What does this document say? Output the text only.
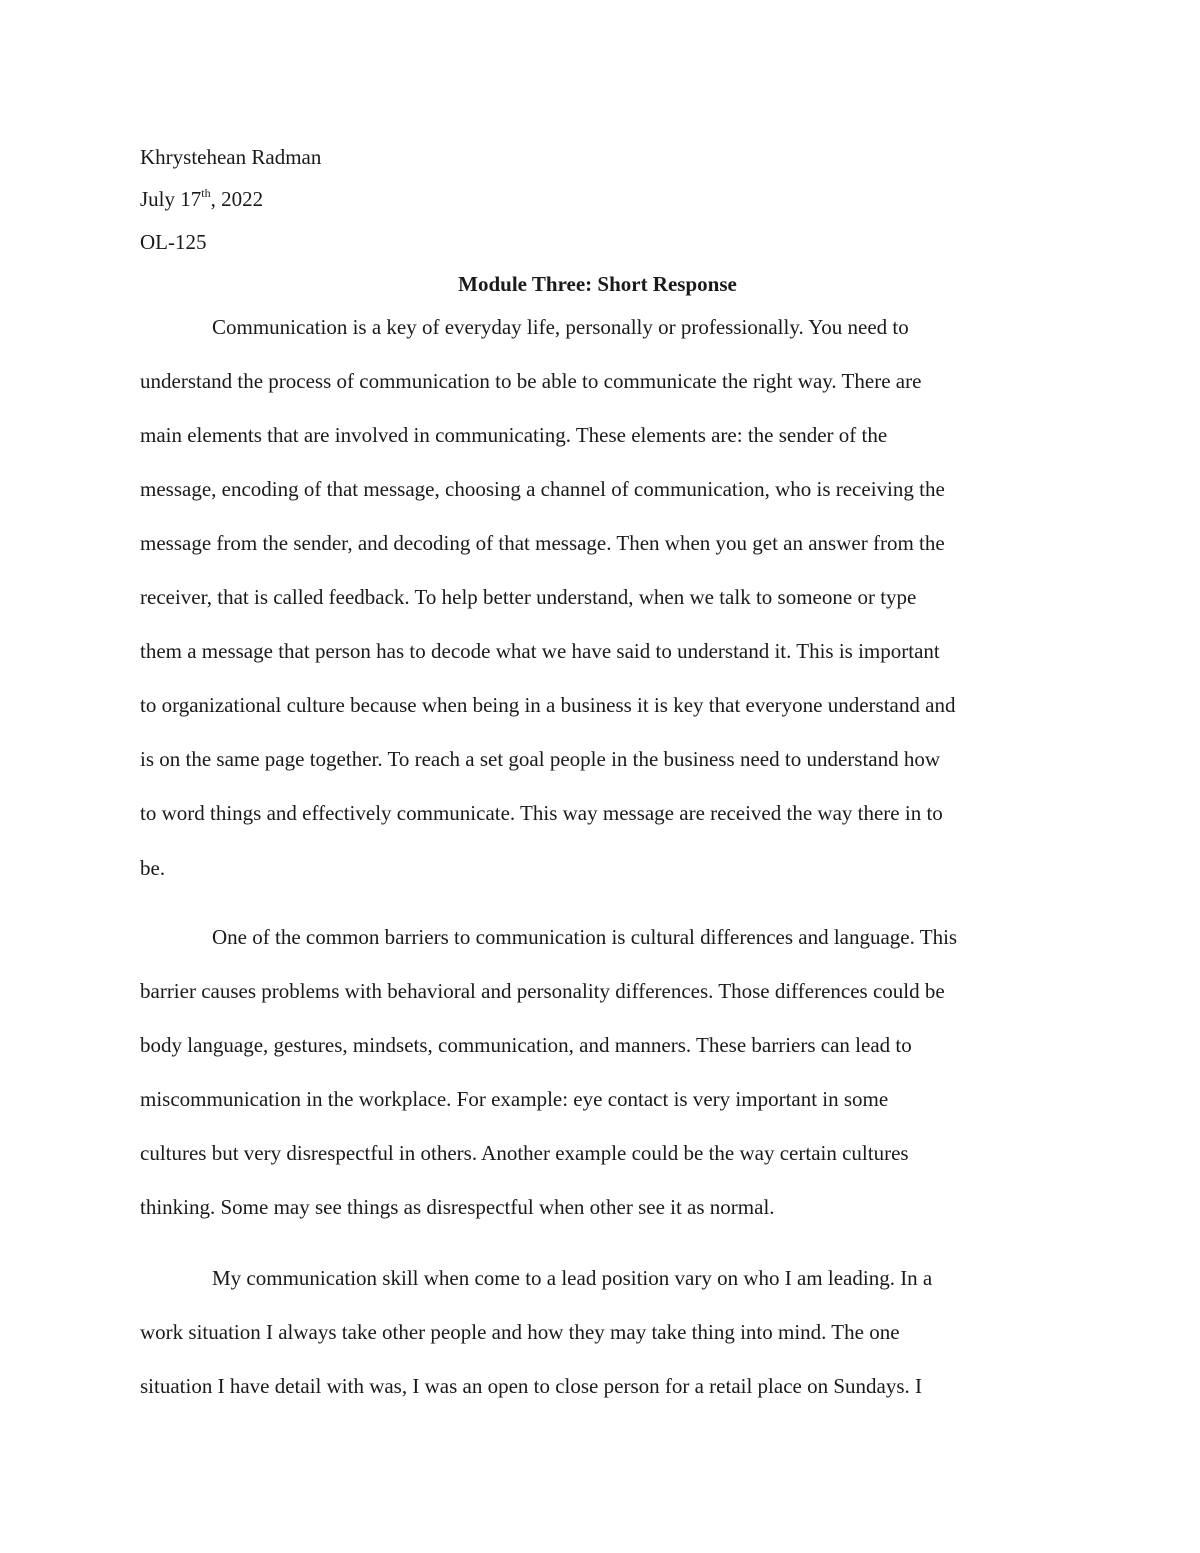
Khrystehean Radman

July 17th, 2022

OL-125

Module Three: Short Response

Communication is a key of everyday life, personally or professionally. You need to

understand the process of communication to be able to communicate the right way. There are

main elements that are involved in communicating. These elements are: the sender of the

message, encoding of that message, choosing a channel of communication, who is receiving the

message from the sender, and decoding of that message. Then when you get an answer from the

receiver, that is called feedback. To help better understand, when we talk to someone or type

them a message that person has to decode what we have said to understand it. This is important

to organizational culture because when being in a business it is key that everyone understand and

is on the same page together. To reach a set goal people in the business need to understand how

to word things and effectively communicate. This way message are received the way there in to

be.

One of the common barriers to communication is cultural differences and language. This

barrier causes problems with behavioral and personality differences. Those differences could be

body language, gestures, mindsets, communication, and manners. These barriers can lead to

miscommunication in the workplace. For example: eye contact is very important in some

cultures but very disrespectful in others. Another example could be the way certain cultures

thinking. Some may see things as disrespectful when other see it as normal.

My communication skill when come to a lead position vary on who I am leading. In a

work situation I always take other people and how they may take thing into mind. The one

situation I have detail with was, I was an open to close person for a retail place on Sundays. I
